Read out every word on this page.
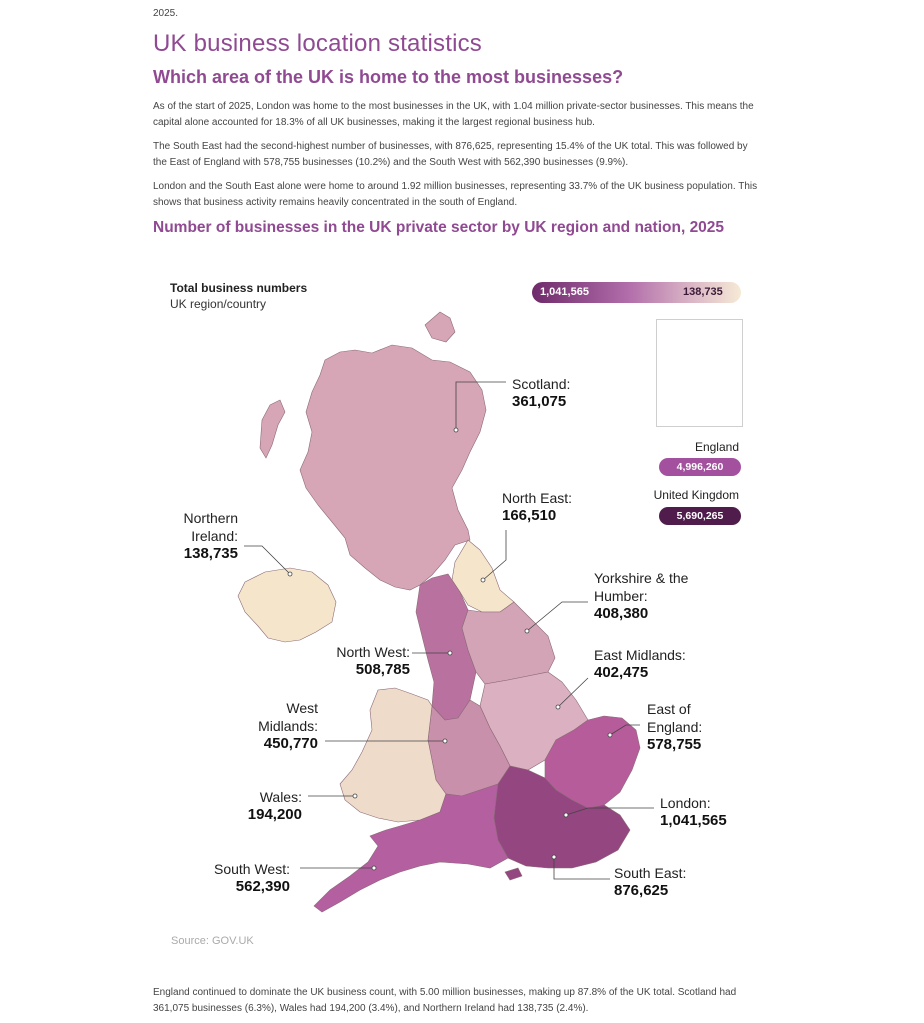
2025.
UK business location statistics
Which area of the UK is home to the most businesses?

As of the start of 2025, London was home to the most businesses in the UK, with 1.04 million private-sector businesses. This means the capital alone accounted for 18.3% of all UK businesses, making it the largest regional business hub.

The South East had the second-highest number of businesses, with 876,625, representing 15.4% of the UK total. This was followed by the East of England with 578,755 businesses (10.2%) and the South West with 562,390 businesses (9.9%).

London and the South East alone were home to around 1.92 million businesses, representing 33.7% of the UK business population. This shows that business activity remains heavily concentrated in the south of England.

Number of businesses in the UK private sector by UK region and nation, 2025
Total business numbers
UK region/country
1,041,565	138,735
England
4,996,260
United Kingdom
5,690,265
Scotland:
361,075
North East:
166,510
Northern Ireland:
138,735
Yorkshire & the Humber:
408,380
North West:
508,785
East Midlands:
402,475
West Midlands:
450,770
East of England:
578,755
Wales:
194,200
London:
1,041,565
South West:
562,390
South East:
876,625
Source: GOV.UK

England continued to dominate the UK business count, with 5.00 million businesses, making up 87.8% of the UK total. Scotland had 361,075 businesses (6.3%), Wales had 194,200 (3.4%), and Northern Ireland had 138,735 (2.4%).
